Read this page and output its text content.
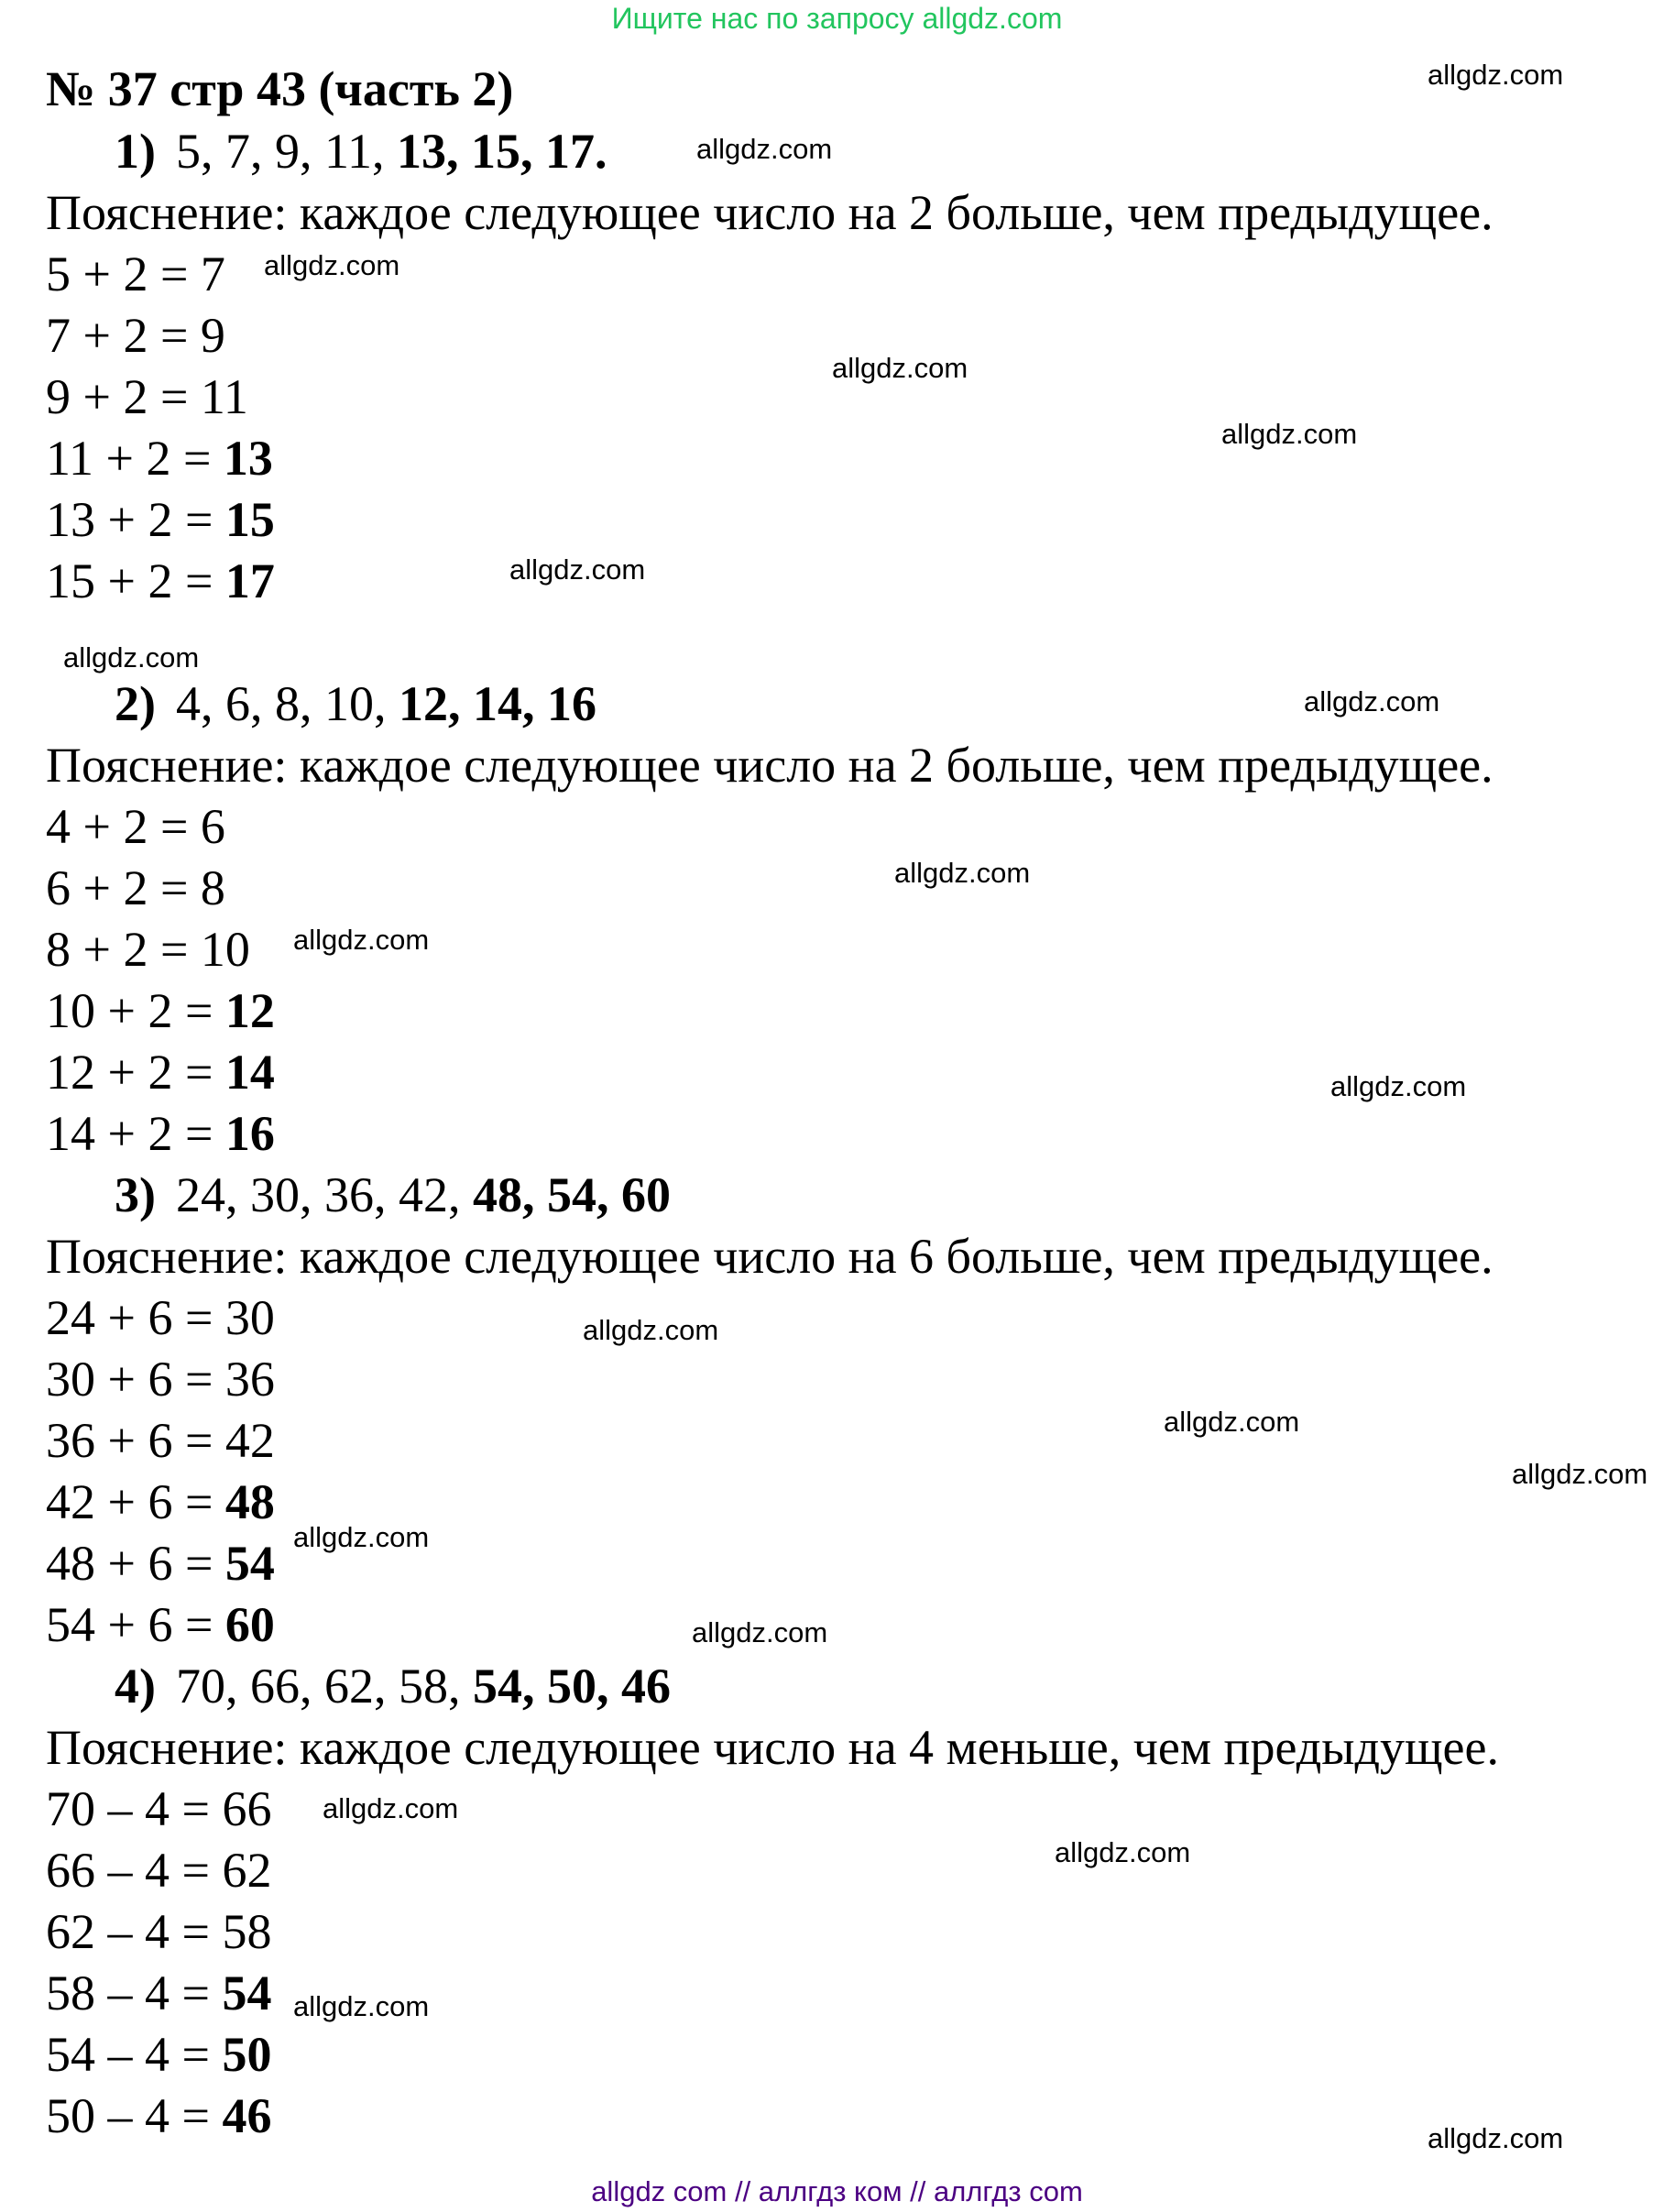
Ищите нас по запросу allgdz.com
№ 37 стр 43 (часть 2)
1) 5, 7, 9, 11, 13, 15, 17.
Пояснение: каждое следующее число на 2 больше, чем предыдущее.
5 + 2 = 7
7 + 2 = 9
9 + 2 = 11
11 + 2 = 13
13 + 2 = 15
15 + 2 = 17
2) 4, 6, 8, 10, 12, 14, 16
Пояснение: каждое следующее число на 2 больше, чем предыдущее.
4 + 2 = 6
6 + 2 = 8
8 + 2 = 10
10 + 2 = 12
12 + 2 = 14
14 + 2 = 16
3) 24, 30, 36, 42, 48, 54, 60
Пояснение: каждое следующее число на 6 больше, чем предыдущее.
24 + 6 = 30
30 + 6 = 36
36 + 6 = 42
42 + 6 = 48
48 + 6 = 54
54 + 6 = 60
4) 70, 66, 62, 58, 54, 50, 46
Пояснение: каждое следующее число на 4 меньше, чем предыдущее.
70 – 4 = 66
66 – 4 = 62
62 – 4 = 58
58 – 4 = 54
54 – 4 = 50
50 – 4 = 46
allgdz.com
allgdz.com
allgdz.com
allgdz.com
allgdz.com
allgdz.com
allgdz.com
allgdz.com
allgdz.com
allgdz.com
allgdz.com
allgdz.com
allgdz.com
allgdz.com
allgdz.com
allgdz.com
allgdz.com
allgdz.com
allgdz.com
allgdz.com
allgdz com // аллгдз ком // аллгдз com
